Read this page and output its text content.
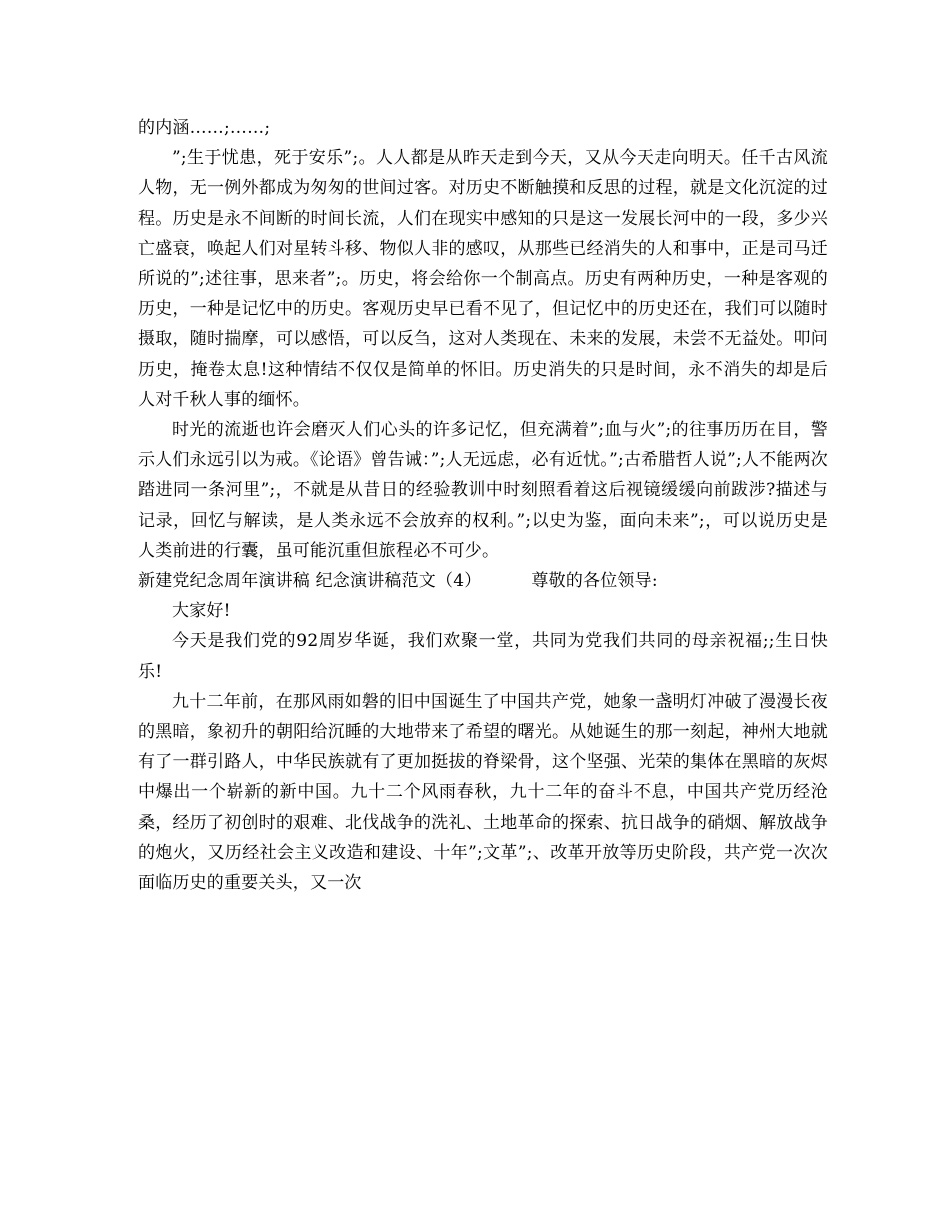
的内涵……;……;

”;生于忧患，死于安乐”;。人人都是从昨天走到今天，又从今天走向明天。任千古风流人物，无一例外都成为匆匆的世间过客。对历史不断触摸和反思的过程，就是文化沉淀的过程。历史是永不间断的时间长流，人们在现实中感知的只是这一发展长河中的一段，多少兴亡盛衰，唤起人们对星转斗移、物似人非的感叹，从那些已经消失的人和事中，正是司马迁所说的”;述往事，思来者”;。历史，将会给你一个制高点。历史有两种历史，一种是客观的历史，一种是记忆中的历史。客观历史早已看不见了，但记忆中的历史还在，我们可以随时摄取，随时揣摩，可以感悟，可以反刍，这对人类现在、未来的发展，未尝不无益处。叩问历史，掩卷太息!这种情结不仅仅是简单的怀旧。历史消失的只是时间，永不消失的却是后人对千秋人事的缅怀。

时光的流逝也许会磨灭人们心头的许多记忆，但充满着”;血与火”;的往事历历在目，警示人们永远引以为戒。《论语》曾告诫：”;人无远虑，必有近忧。”;古希腊哲人说”;人不能两次踏进同一条河里”;，不就是从昔日的经验教训中时刻照看着这后视镜缓缓向前跋涉?描述与记录，回忆与解读，是人类永远不会放弃的权利。”;以史为鉴，面向未来”;，可以说历史是人类前进的行囊，虽可能沉重但旅程必不可少。

新建党纪念周年演讲稿 纪念演讲稿范文（4）	尊敬的各位领导:

大家好!

今天是我们党的92周岁华诞，我们欢聚一堂，共同为党我们共同的母亲祝福;;生日快乐!

九十二年前，在那风雨如磐的旧中国诞生了中国共产党，她象一盏明灯冲破了漫漫长夜的黑暗，象初升的朝阳给沉睡的大地带来了希望的曙光。从她诞生的那一刻起，神州大地就有了一群引路人，中华民族就有了更加挺拔的脊梁骨，这个坚强、光荣的集体在黑暗的灰烬中爆出一个崭新的新中国。九十二个风雨春秋，九十二年的奋斗不息，中国共产党历经沧桑，经历了初创时的艰难、北伐战争的洗礼、土地革命的探索、抗日战争的硝烟、解放战争的炮火，又历经社会主义改造和建设、十年”;文革”;、改革开放等历史阶段，共产党一次次面临历史的重要关头，又一次
